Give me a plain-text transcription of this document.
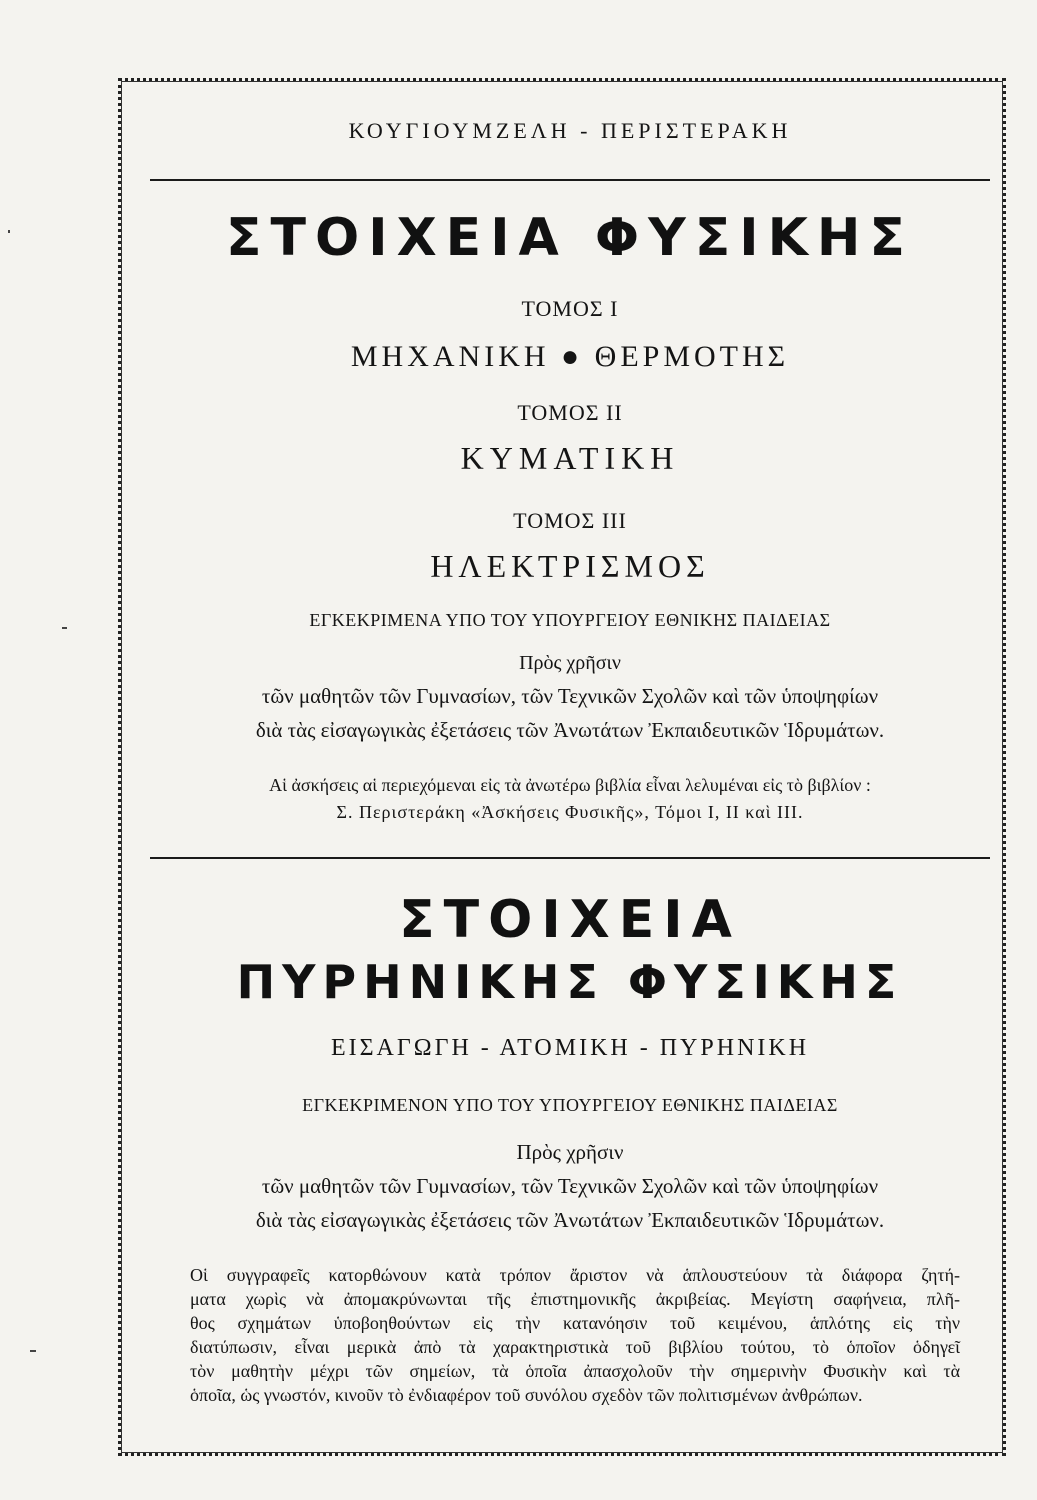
ΚΟΥΓΙΟΥΜΖΕΛΗ - ΠΕΡΙΣΤΕΡΑΚΗ
ΣΤΟΙΧΕΙΑ ΦΥΣΙΚΗΣ
ΤΟΜΟΣ Ι
ΜΗΧΑΝΙΚΗ ● ΘΕΡΜΟΤΗΣ
ΤΟΜΟΣ ΙΙ
ΚΥΜΑΤΙΚΗ
ΤΟΜΟΣ ΙΙΙ
ΗΛΕΚΤΡΙΣΜΟΣ
ΕΓΚΕΚΡΙΜΕΝΑ ΥΠΟ ΤΟΥ ΥΠΟΥΡΓΕΙΟΥ ΕΘΝΙΚΗΣ ΠΑΙΔΕΙΑΣ
Πρὸς χρῆσιν
τῶν μαθητῶν τῶν Γυμνασίων, τῶν Τεχνικῶν Σχολῶν καὶ τῶν ὑποψηφίων
διὰ τὰς εἰσαγωγικὰς ἐξετάσεις τῶν Ἀνωτάτων Ἐκπαιδευτικῶν Ἱδρυμάτων.
Αἱ ἀσκήσεις αἱ περιεχόμεναι εἰς τὰ ἀνωτέρω βιβλία εἶναι λελυμέναι εἰς τὸ βιβλίον :
Σ. Περιστεράκη «Ἀσκήσεις Φυσικῆς», Τόμοι Ι, ΙΙ καὶ ΙΙΙ.
ΣΤΟΙΧΕΙΑ
ΠΥΡΗΝΙΚΗΣ ΦΥΣΙΚΗΣ
ΕΙΣΑΓΩΓΗ - ΑΤΟΜΙΚΗ - ΠΥΡΗΝΙΚΗ
ΕΓΚΕΚΡΙΜΕΝΟΝ ΥΠΟ ΤΟΥ ΥΠΟΥΡΓΕΙΟΥ ΕΘΝΙΚΗΣ ΠΑΙΔΕΙΑΣ
Πρὸς χρῆσιν
τῶν μαθητῶν τῶν Γυμνασίων, τῶν Τεχνικῶν Σχολῶν καὶ τῶν ὑποψηφίων
διὰ τὰς εἰσαγωγικὰς ἐξετάσεις τῶν Ἀνωτάτων Ἐκπαιδευτικῶν Ἱδρυμάτων.
Οἱ συγγραφεῖς κατορθώνουν κατὰ τρόπον ἄριστον νὰ ἁπλουστεύουν τὰ διάφορα ζητή-
ματα χωρὶς νὰ ἀπομακρύνωνται τῆς ἐπιστημονικῆς ἀκριβείας. Μεγίστη σαφήνεια, πλῆ-
θος σχημάτων ὑποβοηθούντων εἰς τὴν κατανόησιν τοῦ κειμένου, ἁπλότης εἰς τὴν
διατύπωσιν, εἶναι μερικὰ ἀπὸ τὰ χαρακτηριστικὰ τοῦ βιβλίου τούτου, τὸ ὁποῖον ὁδηγεῖ
τὸν μαθητὴν μέχρι τῶν σημείων, τὰ ὁποῖα ἀπασχολοῦν τὴν σημερινὴν Φυσικὴν καὶ τὰ
ὁποῖα, ὡς γνωστόν, κινοῦν τὸ ἐνδιαφέρον τοῦ συνόλου σχεδὸν τῶν πολιτισμένων ἀνθρώπων.
